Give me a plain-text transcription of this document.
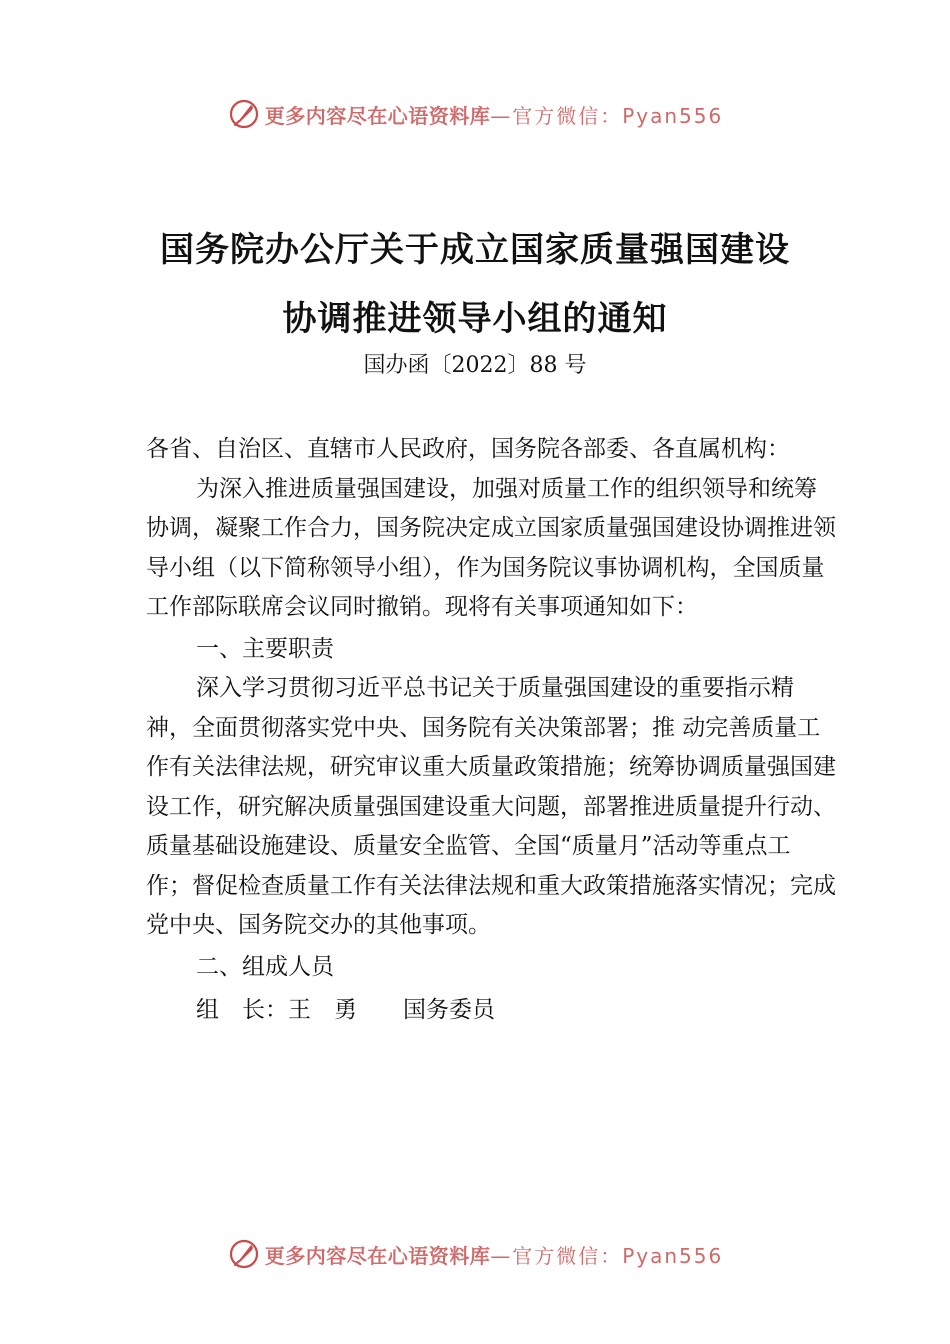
更多内容尽在心语资料库 —官方微信：Pyan556
国务院办公厅关于成立国家质量强国建设
协调推进领导小组的通知
国办函〔2022〕88 号

各省、自治区、直辖市人民政府，国务院各部委、各直属机构：

为深入推进质量强国建设，加强对质量工作的组织领导和统筹协调，凝聚工作合力，国务院决定成立国家质量强国建设协调推进领导小组（以下简称领导小组），作为国务院议事协调机构，全国质量工作部际联席会议同时撤销。现将有关事项通知如下：

一、主要职责

深入学习贯彻习近平总书记关于质量强国建设的重要指示精神，全面贯彻落实党中央、国务院有关决策部署；推 动完善质量工作有关法律法规，研究审议重大质量政策措施；统筹协调质量强国建设工作，研究解决质量强国建设重大问题，部署推进质量提升行动、质量基础设施建设、质量安全监管、全国“质量月”活动等重点工作；督促检查质量工作有关法律法规和重大政策措施落实情况；完成党中央、国务院交办的其他事项。

二、组成人员

组　长：王　勇　　国务委员

更多内容尽在心语资料库 —官方微信：Pyan556
